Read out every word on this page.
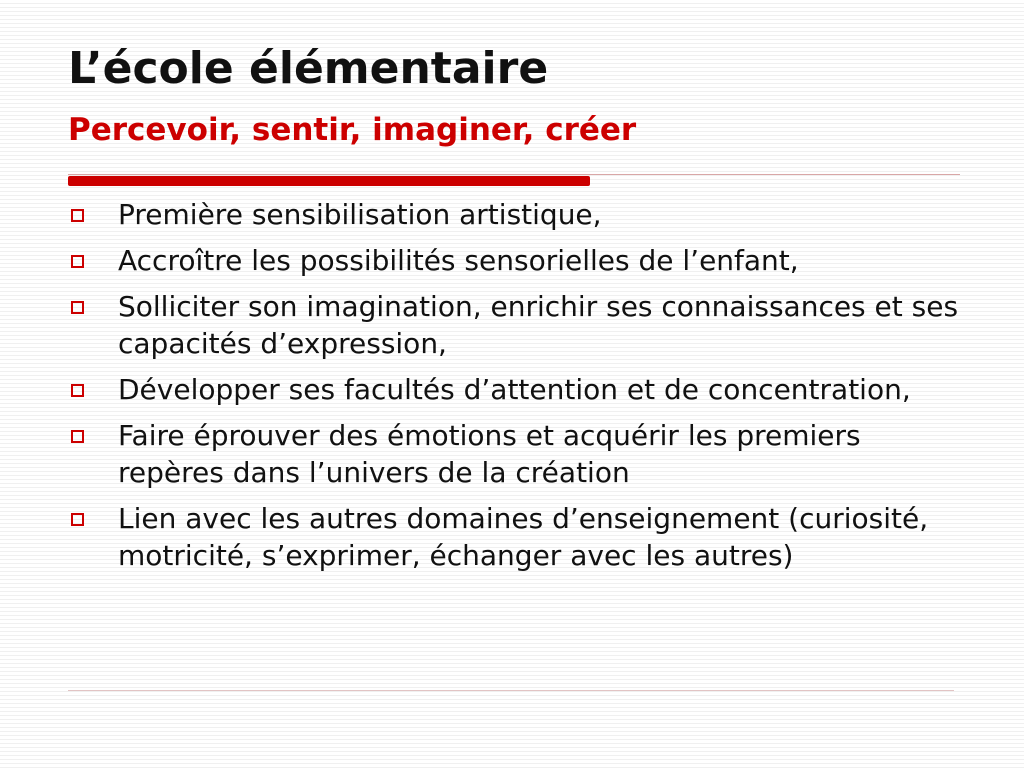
L’école élémentaire
Percevoir, sentir, imaginer, créer
Première sensibilisation artistique,
Accroître les possibilités sensorielles de l’enfant,
Solliciter son imagination, enrichir ses connaissances et ses capacités d’expression,
Développer ses facultés d’attention et de concentration,
Faire éprouver des émotions et acquérir les premiers repères dans l’univers de la création
Lien avec les autres domaines d’enseignement (curiosité, motricité, s’exprimer, échanger avec les autres)
